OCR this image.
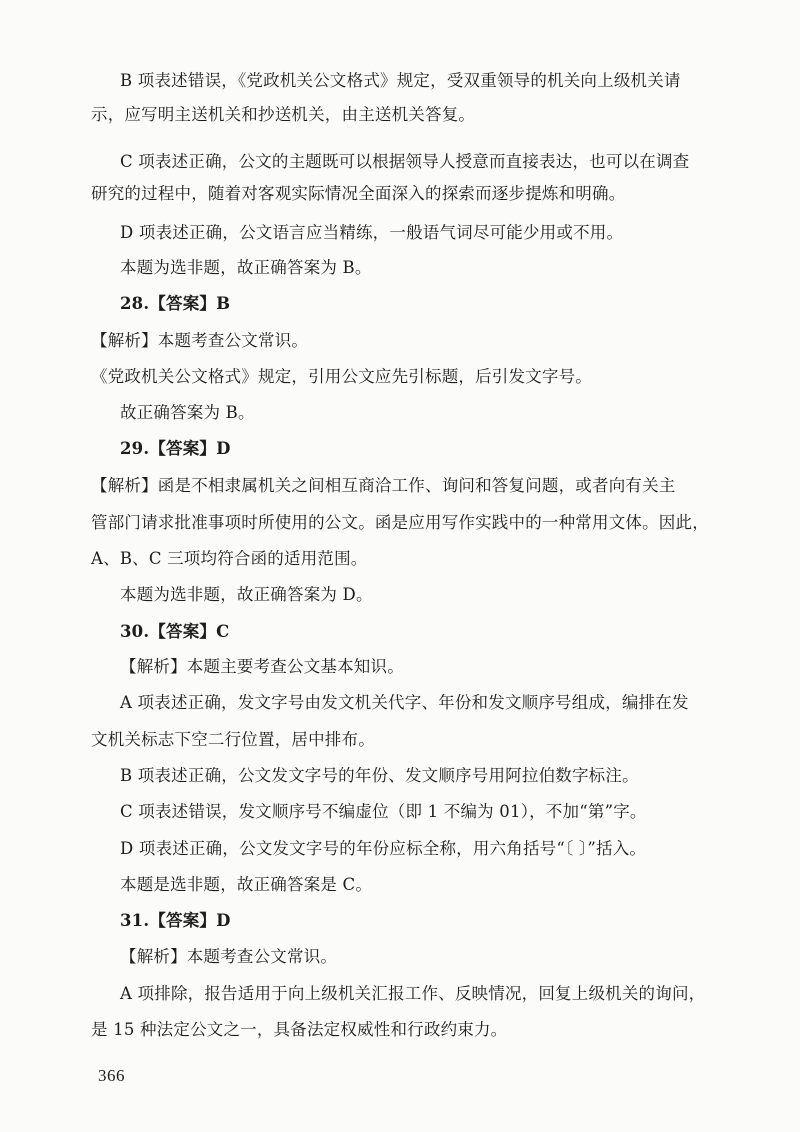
B 项表述错误，《党政机关公文格式》规定，受双重领导的机关向上级机关请
示，应写明主送机关和抄送机关，由主送机关答复。
C 项表述正确，公文的主题既可以根据领导人授意而直接表达，也可以在调查
研究的过程中，随着对客观实际情况全面深入的探索而逐步提炼和明确。
D 项表述正确，公文语言应当精练，一般语气词尽可能少用或不用。
本题为选非题，故正确答案为 B。
28.【答案】B
【解析】本题考查公文常识。
《党政机关公文格式》规定，引用公文应先引标题，后引发文字号。
故正确答案为 B。
29.【答案】D
【解析】函是不相隶属机关之间相互商洽工作、询问和答复问题，或者向有关主
管部门请求批准事项时所使用的公文。函是应用写作实践中的一种常用文体。因此，
A、B、C 三项均符合函的适用范围。
本题为选非题，故正确答案为 D。
30.【答案】C
【解析】本题主要考查公文基本知识。
A 项表述正确，发文字号由发文机关代字、年份和发文顺序号组成，编排在发
文机关标志下空二行位置，居中排布。
B 项表述正确，公文发文字号的年份、发文顺序号用阿拉伯数字标注。
C 项表述错误，发文顺序号不编虚位（即 1 不编为 01），不加“第”字。
D 项表述正确，公文发文字号的年份应标全称，用六角括号“〔 〕”括入。
本题是选非题，故正确答案是 C。
31.【答案】D
【解析】本题考查公文常识。
A 项排除，报告适用于向上级机关汇报工作、反映情况，回复上级机关的询问，
是 15 种法定公文之一，具备法定权威性和行政约束力。
366
